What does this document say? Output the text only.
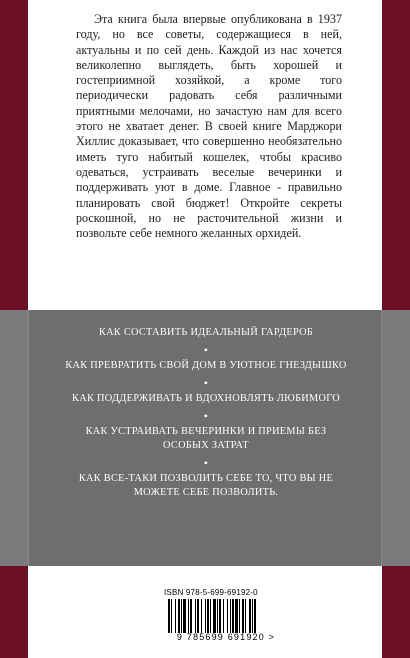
Эта книга была впервые опубликована в 1937 году, но все советы, содержащиеся в ней, актуальны и по сей день. Каждой из нас хочется великолепно выглядеть, быть хорошей и гостеприимной хозяйкой, а кроме того периодически радовать себя различными приятными мелочами, но зачастую нам для всего этого не хватает денег. В своей книге Марджори Хиллис доказывает, что совершенно необязательно иметь туго набитый кошелек, чтобы красиво одеваться, устраивать веселые вечеринки и поддерживать уют в доме. Главное - правильно планировать свой бюджет! Откройте секреты роскошной, но не расточительной жизни и позвольте себе немного желанных орхидей.

КАК СОСТАВИТЬ ИДЕАЛЬНЫЙ ГАРДЕРОБ
•
КАК ПРЕВРАТИТЬ СВОЙ ДОМ В УЮТНОЕ ГНЕЗДЫШКО
•
КАК ПОДДЕРЖИВАТЬ И ВДОХНОВЛЯТЬ ЛЮБИМОГО
•
КАК УСТРАИВАТЬ ВЕЧЕРИНКИ И ПРИЕМЫ БЕЗ ОСОБЫХ ЗАТРАТ
•
КАК ВСЕ-ТАКИ ПОЗВОЛИТЬ СЕБЕ ТО, ЧТО ВЫ НЕ МОЖЕТЕ СЕБЕ ПОЗВОЛИТЬ.
ISBN 978-5-699-69192-0
9 785699 691920 >
